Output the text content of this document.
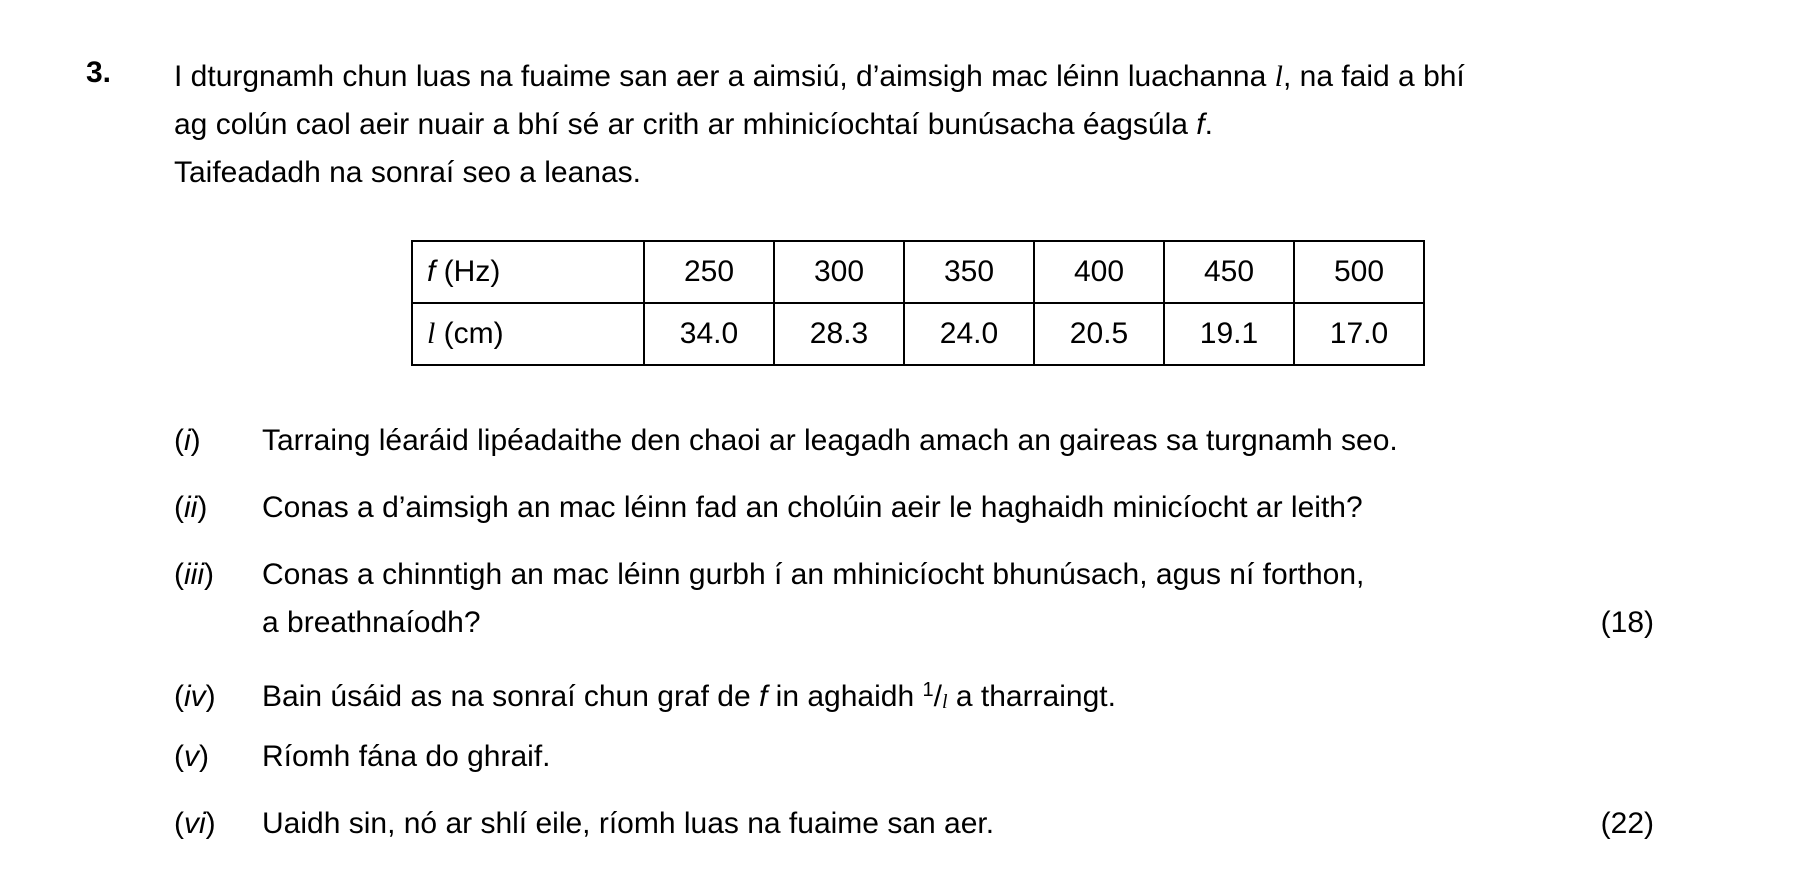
3. I dturgnamh chun luas na fuaime san aer a aimsiú, d’aimsigh mac léinn luachanna l, na faid a bhí
ag colún caol aeir nuair a bhí sé ar crith ar mhinicíochtaí bunúsacha éagsúla f.
Taifeadadh na sonraí seo a leanas.
f (Hz)	250	300	350	400	450	500
l (cm)	34.0	28.3	24.0	20.5	19.1	17.0
(i) Tarraing léaráid lipéadaithe den chaoi ar leagadh amach an gaireas sa turgnamh seo.
(ii) Conas a d’aimsigh an mac léinn fad an cholúin aeir le haghaidh minicíocht ar leith?
(iii) Conas a chinntigh an mac léinn gurbh í an mhinicíocht bhunúsach, agus ní forthon,
a breathnaíodh?	(18)
(iv) Bain úsáid as na sonraí chun graf de f in aghaidh $^1/_l$ a tharraingt.
(v) Ríomh fána do ghraif.
(vi) Uaidh sin, nó ar shlí eile, ríomh luas na fuaime san aer.	(22)
